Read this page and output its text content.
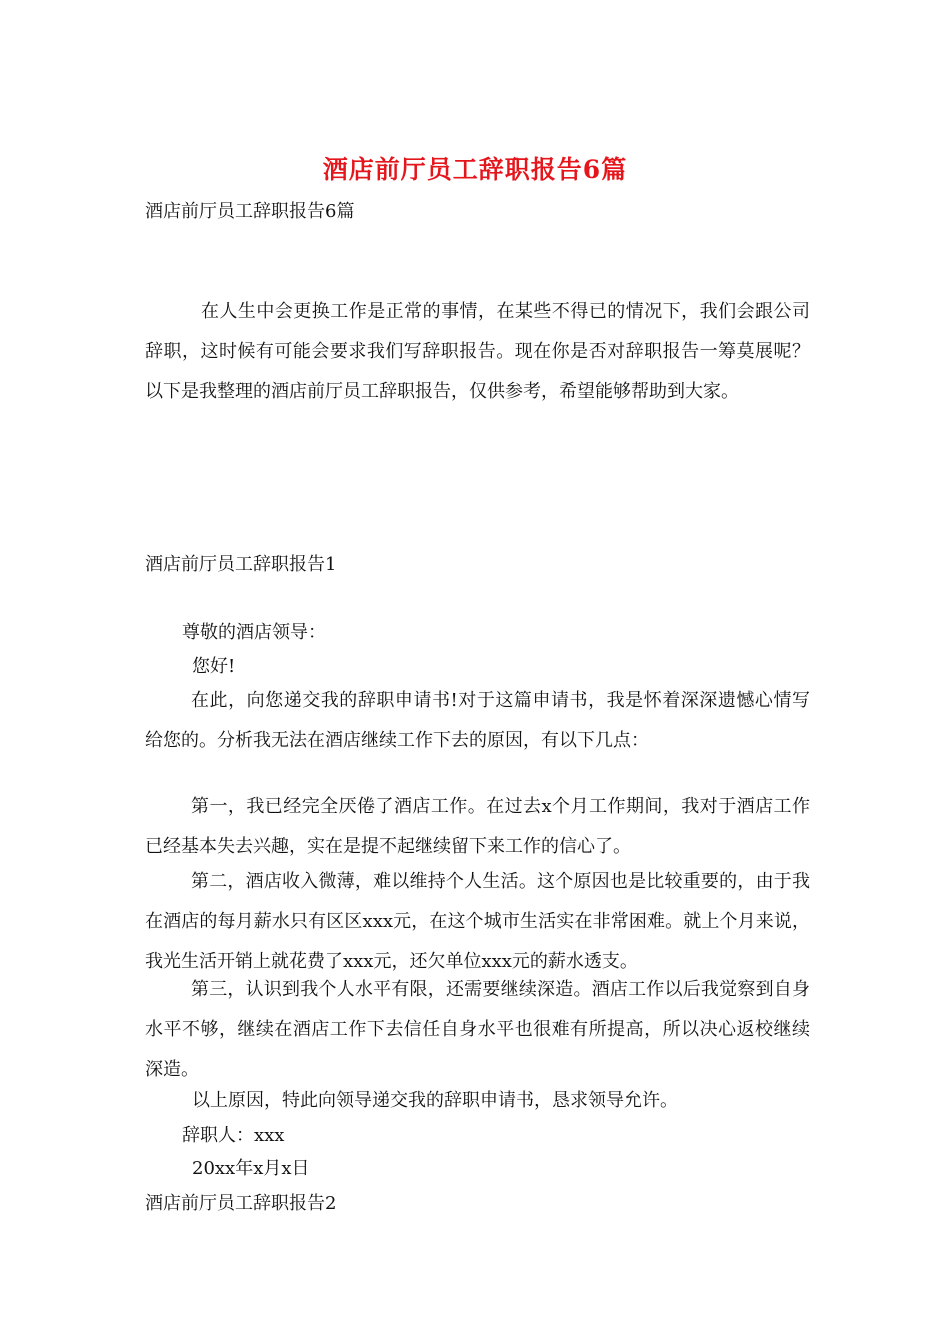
酒店前厅员工辞职报告6篇

酒店前厅员工辞职报告6篇

在人生中会更换工作是正常的事情，在某些不得已的情况下，我们会跟公司辞职，这时候有可能会要求我们写辞职报告。现在你是否对辞职报告一筹莫展呢？以下是我整理的酒店前厅员工辞职报告，仅供参考，希望能够帮助到大家。

酒店前厅员工辞职报告1

尊敬的酒店领导：

您好!

在此，向您递交我的辞职申请书!对于这篇申请书，我是怀着深深遗憾心情写给您的。分析我无法在酒店继续工作下去的原因，有以下几点：

第一，我已经完全厌倦了酒店工作。在过去x个月工作期间，我对于酒店工作已经基本失去兴趣，实在是提不起继续留下来工作的信心了。

第二，酒店收入微薄，难以维持个人生活。这个原因也是比较重要的，由于我在酒店的每月薪水只有区区xxx元，在这个城市生活实在非常困难。就上个月来说，我光生活开销上就花费了xxx元，还欠单位xxx元的薪水透支。

第三，认识到我个人水平有限，还需要继续深造。酒店工作以后我觉察到自身水平不够，继续在酒店工作下去信任自身水平也很难有所提高，所以决心返校继续深造。

以上原因，特此向领导递交我的辞职申请书，恳求领导允许。

辞职人：xxx

20xx年x月x日

酒店前厅员工辞职报告2
